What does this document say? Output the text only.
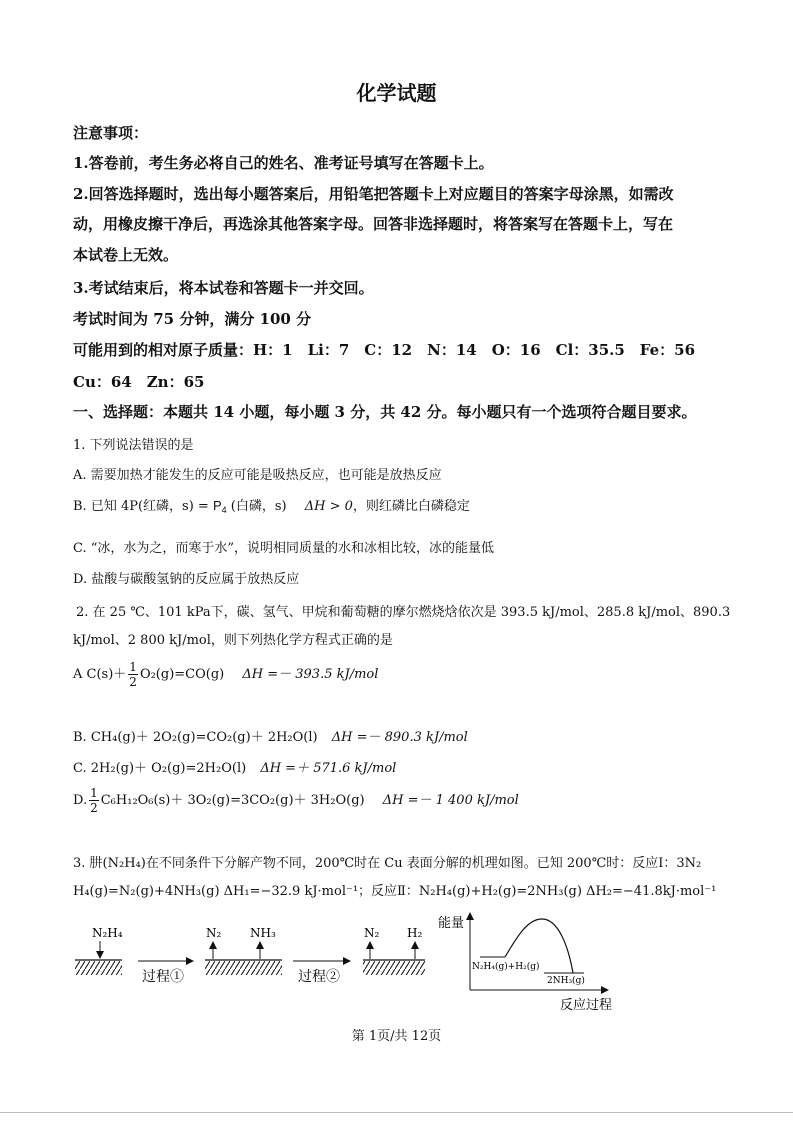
化学试题
注意事项：
1.答卷前，考生务必将自己的姓名、准考证号填写在答题卡上。
2.回答选择题时，选出每小题答案后，用铅笔把答题卡上对应题目的答案字母涂黑，如需改
动，用橡皮擦干净后，再选涂其他答案字母。回答非选择题时，将答案写在答题卡上，写在
本试卷上无效。
3.考试结束后，将本试卷和答题卡一并交回。
考试时间为 75 分钟，满分 100 分
可能用到的相对原子质量：H：1　Li：7　C：12　N：14　O：16　Cl：35.5　Fe：56
Cu：64　Zn：65
一、选择题：本题共 14 小题，每小题 3 分，共 42 分。每小题只有一个选项符合题目要求。
1. 下列说法错误的是
A. 需要加热才能发生的反应可能是吸热反应，也可能是放热反应
B. 已知 4P(红磷，$s) = P_4$ (白磷，s) ΔH > 0，则红磷比白磷稳定
C. “冰，水为之，而寒于水”，说明相同质量的水和冰相比较，冰的能量低
D. 盐酸与碳酸氢钠的反应属于放热反应
2. 在 25 ℃、101 kPa下，碳、氢气、甲烷和葡萄糖的摩尔燃烧焓依次是 393.5 kJ/mol、285.8 kJ/mol、890.3
kJ/mol、2 800 kJ/mol，则下列热化学方程式正确的是
A $C(s)+ \frac{1}{2} O_2(g)=CO(g) \Delta H =- 393.5$ kJ/mol
B. CH₄(g)＋ 2O₂(g)=CO₂(g)＋ 2H₂O(l) ΔH =－ 890.3 kJ/mol
C. 2H₂(g)＋ O₂(g)=2H₂O(l) ΔH =＋ 571.6 kJ/mol
D. $\frac{1}{2} C_6H_{12}O_6(s)+ 3O_2(g)=3CO_2(g)+ 3H_2O(g) \Delta H =- 1$ 400 kJ/mol
3. 肼(N₂H₄)在不同条件下分解产物不同，200℃时在 Cu 表面分解的机理如图。已知 200℃时：反应Ⅰ：3N₂
H₄(g)=N₂(g)+4NH₃(g) ΔH₁=−32.9 kJ·mol⁻¹；反应Ⅱ：N₂H₄(g)+H₂(g)=2NH₃(g) ΔH₂=−41.8kJ·mol⁻¹
N₂H₄
过程①
N₂ NH₃
过程②
N₂ H₂
能量
N₂H₄(g)+H₂(g)
2NH₃(g)
反应过程
第 1页/共 12页
